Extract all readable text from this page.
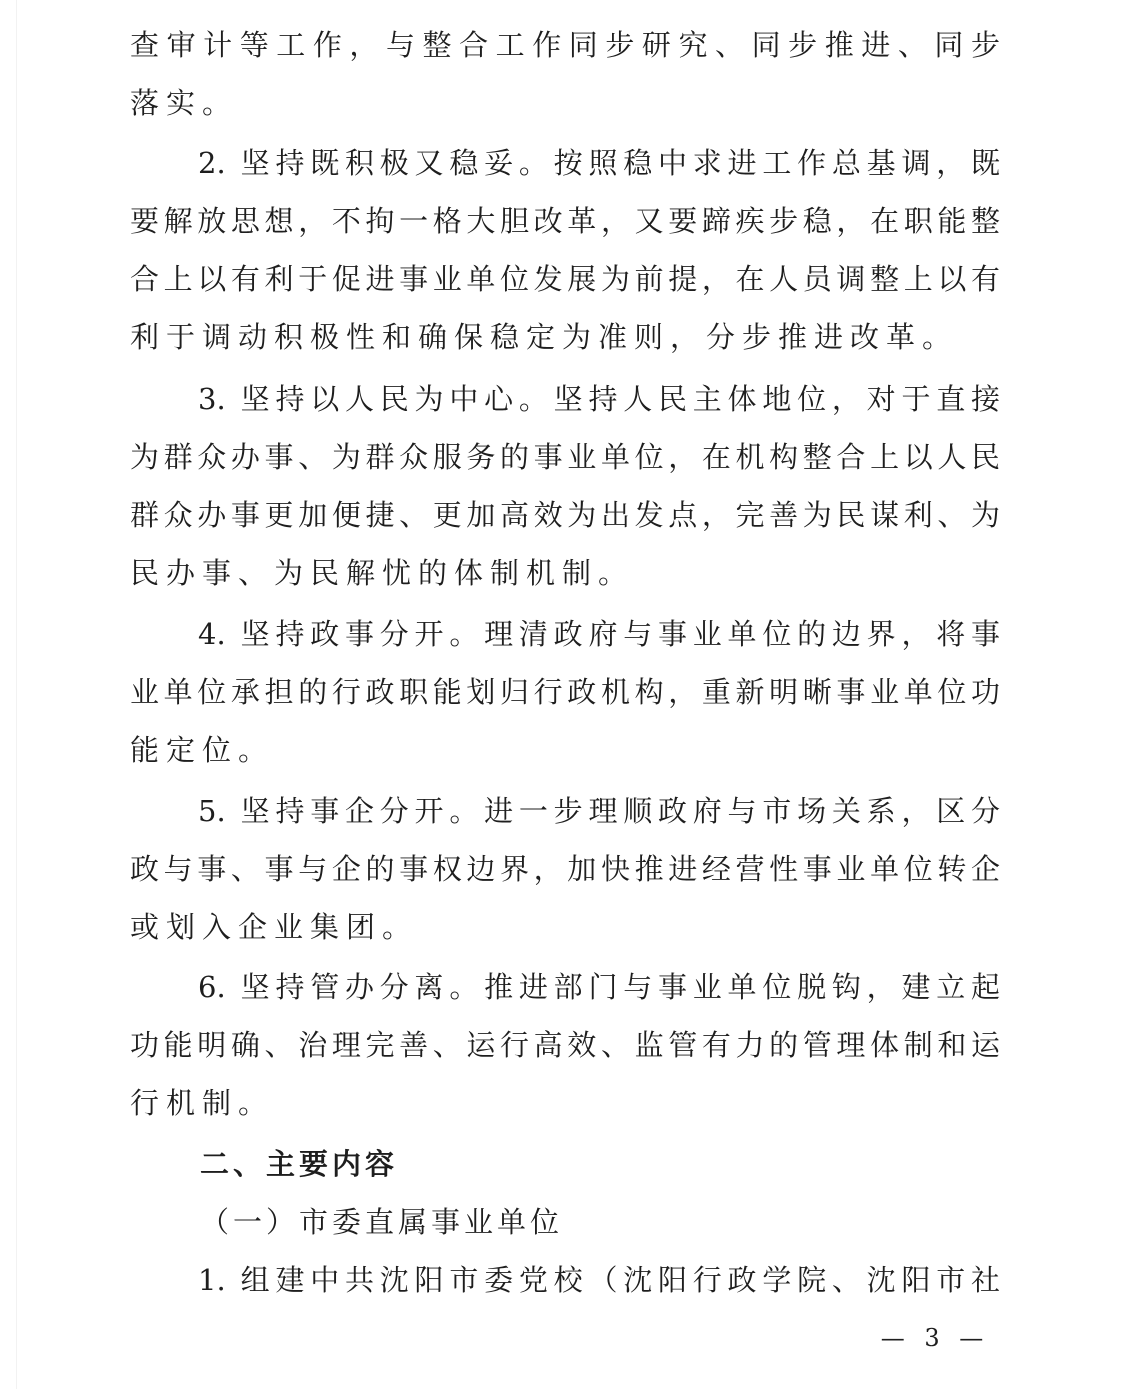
查审计等工作，与整合工作同步研究、同步推进、同步
落实。
2. 坚持既积极又稳妥。按照稳中求进工作总基调，既
要解放思想，不拘一格大胆改革，又要蹄疾步稳，在职能整
合上以有利于促进事业单位发展为前提，在人员调整上以有
利于调动积极性和确保稳定为准则，分步推进改革。
3. 坚持以人民为中心。坚持人民主体地位，对于直接
为群众办事、为群众服务的事业单位，在机构整合上以人民
群众办事更加便捷、更加高效为出发点，完善为民谋利、为
民办事、为民解忧的体制机制。
4. 坚持政事分开。理清政府与事业单位的边界，将事
业单位承担的行政职能划归行政机构，重新明晰事业单位功
能定位。
5. 坚持事企分开。进一步理顺政府与市场关系，区分
政与事、事与企的事权边界，加快推进经营性事业单位转企
或划入企业集团。
6. 坚持管办分离。推进部门与事业单位脱钩，建立起
功能明确、治理完善、运行高效、监管有力的管理体制和运
行机制。
二、主要内容
（一）市委直属事业单位
1. 组建中共沈阳市委党校（沈阳行政学院、沈阳市社
— 3 —
